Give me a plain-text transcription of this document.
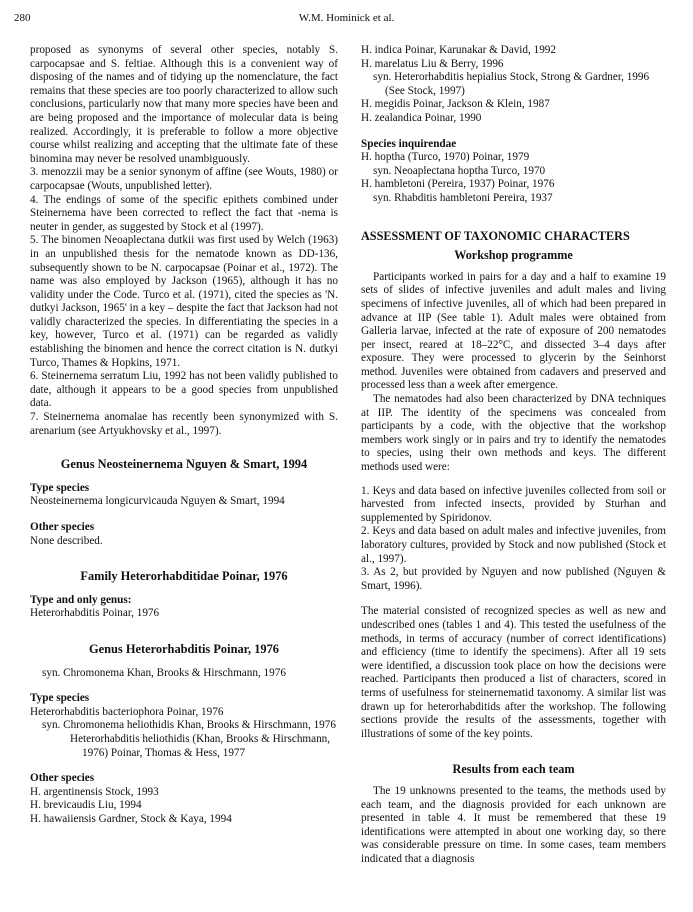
280	W.M. Hominick et al.

proposed as synonyms of several other species, notably S. carpocapsae and S. feltiae. Although this is a convenient way of disposing of the names and of tidying up the nomenclature, the fact remains that these species are too poorly characterized to allow such conclusions, particularly now that many more species have been and are being proposed and the importance of molecular data is being realized. Accordingly, it is preferable to follow a more objective course whilst realizing and accepting that the ultimate fate of these binomina may never be resolved unambiguously.

3. menozzii may be a senior synonym of affine (see Wouts, 1980) or carpocapsae (Wouts, unpublished letter).

4. The endings of some of the specific epithets combined under Steinernema have been corrected to reflect the fact that -nema is neuter in gender, as suggested by Stock et al (1997).

5. The binomen Neoaplectana dutkii was first used by Welch (1963) in an unpublished thesis for the nematode known as DD-136, subsequently shown to be N. carpocapsae (Poinar et al., 1972). The name was also employed by Jackson (1965), although it has no validity under the Code. Turco et al. (1971), cited the species as 'N. dutkyi Jackson, 1965' in a key – despite the fact that Jackson had not validly characterized the species. In differentiating the species in a key, however, Turco et al. (1971) can be regarded as validly establishing the binomen and hence the correct citation is N. dutkyi Turco, Thames & Hopkins, 1971.

6. Steinernema serratum Liu, 1992 has not been validly published to date, although it appears to be a good species from unpublished data.

7. Steinernema anomalae has recently been synonymized with S. arenarium (see Artyukhovsky et al., 1997).

Genus Neosteinernema Nguyen & Smart, 1994

Type species

Neosteinernema longicurvicauda Nguyen & Smart, 1994

Other species

None described.

Family Heterorhabditidae Poinar, 1976

Type and only genus:

Heterorhabditis Poinar, 1976

Genus Heterorhabditis Poinar, 1976

syn. Chromonema Khan, Brooks & Hirschmann, 1976

Type species

Heterorhabditis bacteriophora Poinar, 1976

syn. Chromonema heliothidis Khan, Brooks & Hirschmann, 1976

Heterorhabditis heliothidis (Khan, Brooks & Hirschmann, 1976) Poinar, Thomas & Hess, 1977

Other species

H. argentinensis Stock, 1993

H. brevicaudis Liu, 1994

H. hawaiiensis Gardner, Stock & Kaya, 1994

H. indica Poinar, Karunakar & David, 1992

H. marelatus Liu & Berry, 1996

syn. Heterorhabditis hepialius Stock, Strong & Gardner, 1996 (See Stock, 1997)

H. megidis Poinar, Jackson & Klein, 1987

H. zealandica Poinar, 1990

Species inquirendae

H. hoptha (Turco, 1970) Poinar, 1979

syn. Neoaplectana hoptha Turco, 1970

H. hambletoni (Pereira, 1937) Poinar, 1976

syn. Rhabditis hambletoni Pereira, 1937

ASSESSMENT OF TAXONOMIC CHARACTERS

Workshop programme

Participants worked in pairs for a day and a half to examine 19 sets of slides of infective juveniles and adult males and living specimens of infective juveniles, all of which had been prepared in advance at IIP (See table 1). Adult males were obtained from Galleria larvae, infected at the rate of exposure of 200 nematodes per insect, reared at 18–22°C, and dissected 3–4 days after exposure. They were processed to glycerin by the Seinhorst method. Juveniles were obtained from cadavers and preserved and processed less than a week after emergence.

The nematodes had also been characterized by DNA techniques at IIP. The identity of the specimens was concealed from participants by a code, with the objective that the workshop members work singly or in pairs and try to identify the nematodes to species, using their own methods and keys. The different methods used were:

1. Keys and data based on infective juveniles collected from soil or harvested from infected insects, provided by Sturhan and supplemented by Spiridonov.

2. Keys and data based on adult males and infective juveniles, from laboratory cultures, provided by Stock and now published (Stock et al., 1997).

3. As 2, but provided by Nguyen and now published (Nguyen & Smart, 1996).

The material consisted of recognized species as well as new and undescribed ones (tables 1 and 4). This tested the usefulness of the methods, in terms of accuracy (number of correct identifications) and efficiency (time to identify the specimens). After all 19 sets were identified, a discussion took place on how the decisions were reached. Participants then produced a list of characters, scored in terms of usefulness for steinernematid taxonomy. A similar list was drawn up for heterorhabditids after the workshop. The following sections provide the results of the assessments, together with illustrations of some of the key points.

Results from each team

The 19 unknowns presented to the teams, the methods used by each team, and the diagnosis provided for each unknown are presented in table 4. It must be remembered that these 19 identifications were attempted in about one working day, so there was considerable pressure on time. In some cases, team members indicated that a diagnosis
